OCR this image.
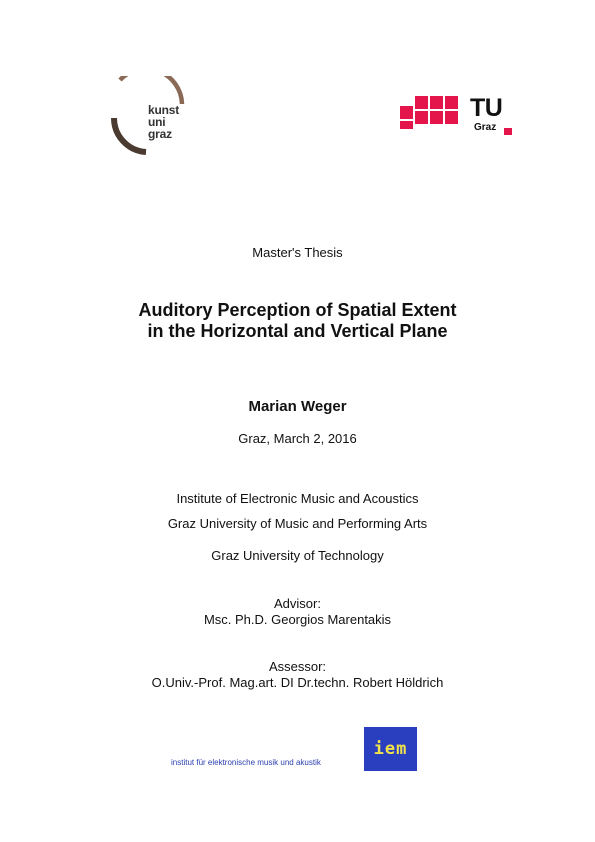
kunst
uni
graz
TU
Graz
Master's Thesis
Auditory Perception of Spatial Extent
in the Horizontal and Vertical Plane
Marian Weger
Graz, March 2, 2016
Institute of Electronic Music and Acoustics
Graz University of Music and Performing Arts
Graz University of Technology
Advisor:
Msc. Ph.D. Georgios Marentakis
Assessor:
O.Univ.-Prof. Mag.art. DI Dr.techn. Robert Höldrich
institut für elektronische musik und akustik
iem
